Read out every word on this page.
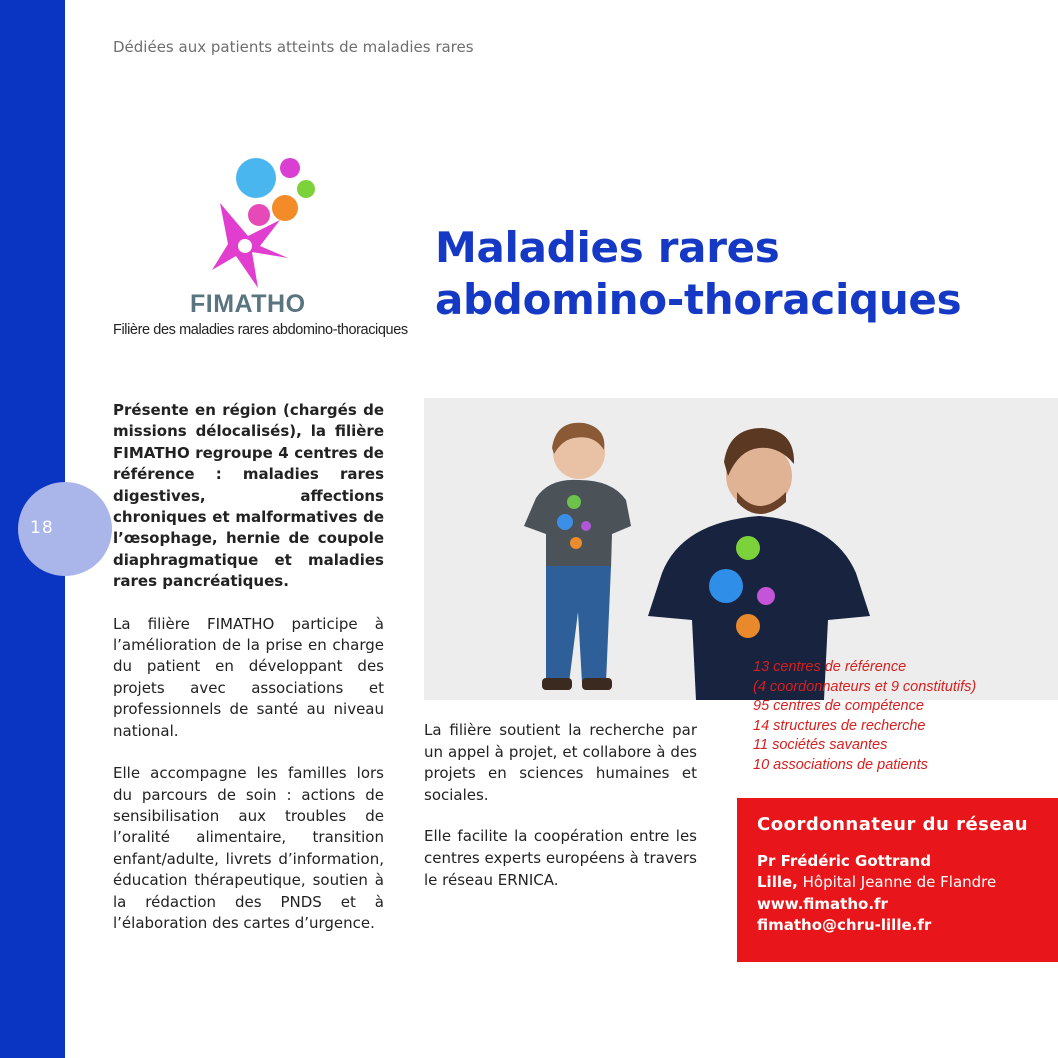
18
Dédiées aux patients atteints de maladies rares
FIMATHO
Filière des maladies rares abdomino-thoraciques
Maladies rares
abdomino-thoraciques

Présente en région (chargés de missions délocalisés), la filière FIMATHO regroupe 4 centres de référence : maladies rares digestives, affections chroniques et malformatives de l’œsophage, hernie de coupole diaphragmatique et maladies rares pancréatiques.

La filière FIMATHO participe à l’amélioration de la prise en charge du patient en développant des projets avec associations et professionnels de santé au niveau national.

Elle accompagne les familles lors du parcours de soin : actions de sensibilisation aux troubles de l’oralité alimentaire, transition enfant/adulte, livrets d’information, éducation thérapeutique, soutien à la rédaction des PNDS et à l’élaboration des cartes d’urgence.

La filière soutient la recherche par un appel à projet, et collabore à des projets en sciences humaines et sociales.

Elle facilite la coopération entre les centres experts européens à travers le réseau ERNICA.

13 centres de référence
(4 coordonnateurs et 9 constitutifs)
95 centres de compétence
14 structures de recherche
11 sociétés savantes
10 associations de patients
Coordonnateur du réseau
Pr Frédéric Gottrand
Lille, Hôpital Jeanne de Flandre
www.fimatho.fr
fimatho@chru-lille.fr
